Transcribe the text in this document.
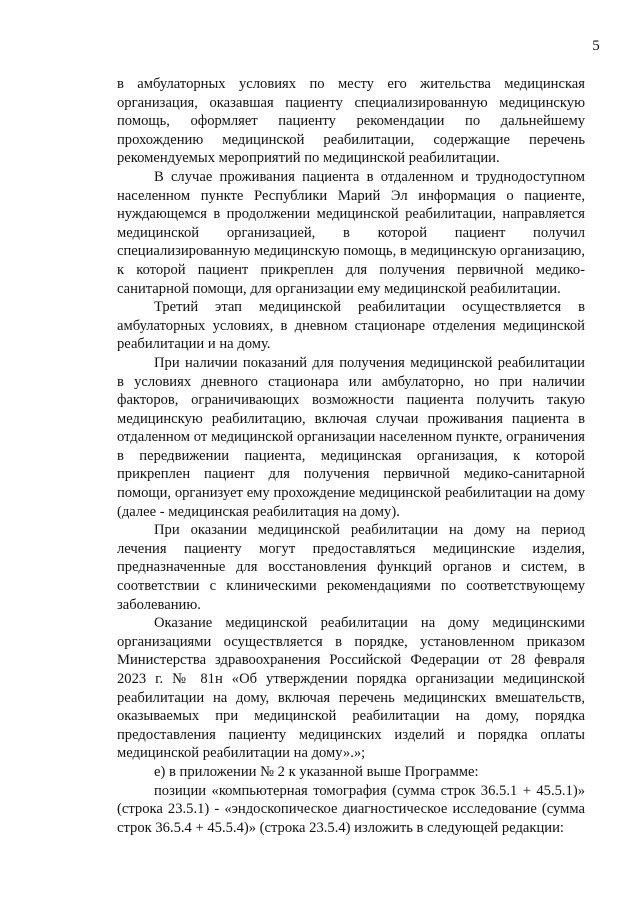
5

в амбулаторных условиях по месту его жительства медицинская организация, оказавшая пациенту специализированную медицинскую помощь, оформляет пациенту рекомендации по дальнейшему прохождению медицинской реабилитации, содержащие перечень рекомендуемых мероприятий по медицинской реабилитации.

В случае проживания пациента в отдаленном и труднодоступном населенном пункте Республики Марий Эл информация о пациенте, нуждающемся в продолжении медицинской реабилитации, направляется медицинской организацией, в которой пациент получил специализированную медицинскую помощь, в медицинскую организацию, к которой пациент прикреплен для получения первичной медико-санитарной помощи, для организации ему медицинской реабилитации.

Третий этап медицинской реабилитации осуществляется в амбулаторных условиях, в дневном стационаре отделения медицинской реабилитации и на дому.

При наличии показаний для получения медицинской реабилитации в условиях дневного стационара или амбулаторно, но при наличии факторов, ограничивающих возможности пациента получить такую медицинскую реабилитацию, включая случаи проживания пациента в отдаленном от медицинской организации населенном пункте, ограничения в передвижении пациента, медицинская организация, к которой прикреплен пациент для получения первичной медико-санитарной помощи, организует ему прохождение медицинской реабилитации на дому (далее - медицинская реабилитация на дому).

При оказании медицинской реабилитации на дому на период лечения пациенту могут предоставляться медицинские изделия, предназначенные для восстановления функций органов и систем, в соответствии с клиническими рекомендациями по соответствующему заболеванию.

Оказание медицинской реабилитации на дому медицинскими организациями осуществляется в порядке, установленном приказом Министерства здравоохранения Российской Федерации от 28 февраля 2023 г. № 81н «Об утверждении порядка организации медицинской реабилитации на дому, включая перечень медицинских вмешательств, оказываемых при медицинской реабилитации на дому, порядка предоставления пациенту медицинских изделий и порядка оплаты медицинской реабилитации на дому».»;

е) в приложении № 2 к указанной выше Программе:

позиции «компьютерная томография (сумма строк 36.5.1 + 45.5.1)» (строка 23.5.1) - «эндоскопическое диагностическое исследование (сумма строк 36.5.4 + 45.5.4)» (строка 23.5.4) изложить в следующей редакции:
